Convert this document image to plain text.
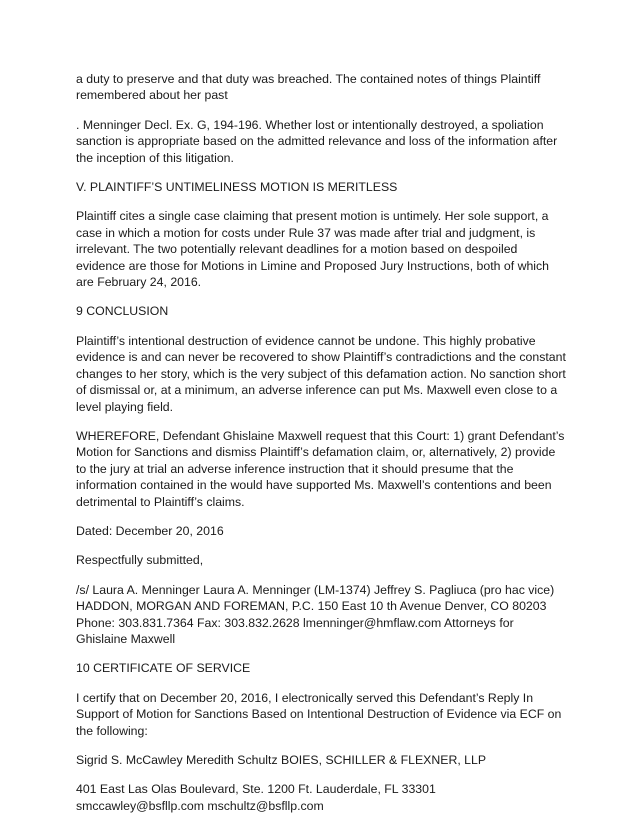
a duty to preserve and that duty was breached. The contained notes of things Plaintiff remembered about her past

. Menninger Decl. Ex. G, 194-196. Whether lost or intentionally destroyed, a spoliation sanction is appropriate based on the admitted relevance and loss of the information after the inception of this litigation.

V. PLAINTIFF’S UNTIMELINESS MOTION IS MERITLESS

Plaintiff cites a single case claiming that present motion is untimely. Her sole support, a case in which a motion for costs under Rule 37 was made after trial and judgment, is irrelevant. The two potentially relevant deadlines for a motion based on despoiled evidence are those for Motions in Limine and Proposed Jury Instructions, both of which are February 24, 2016.

9 CONCLUSION

Plaintiff’s intentional destruction of evidence cannot be undone. This highly probative evidence is and can never be recovered to show Plaintiff’s contradictions and the constant changes to her story, which is the very subject of this defamation action. No sanction short of dismissal or, at a minimum, an adverse inference can put Ms. Maxwell even close to a level playing field.

WHEREFORE, Defendant Ghislaine Maxwell request that this Court: 1) grant Defendant’s Motion for Sanctions and dismiss Plaintiff’s defamation claim, or, alternatively, 2) provide to the jury at trial an adverse inference instruction that it should presume that the information contained in the would have supported Ms. Maxwell’s contentions and been detrimental to Plaintiff’s claims.

Dated: December 20, 2016

Respectfully submitted,

/s/ Laura A. Menninger Laura A. Menninger (LM-1374) Jeffrey S. Pagliuca (pro hac vice) HADDON, MORGAN AND FOREMAN, P.C. 150 East 10 th Avenue Denver, CO 80203 Phone: 303.831.7364 Fax: 303.832.2628 lmenninger@hmflaw.com Attorneys for Ghislaine Maxwell

10 CERTIFICATE OF SERVICE

I certify that on December 20, 2016, I electronically served this Defendant’s Reply In Support of Motion for Sanctions Based on Intentional Destruction of Evidence via ECF on the following:

Sigrid S. McCawley Meredith Schultz BOIES, SCHILLER & FLEXNER, LLP

401 East Las Olas Boulevard, Ste. 1200 Ft. Lauderdale, FL 33301 smccawley@bsfllp.com mschultz@bsfllp.com
